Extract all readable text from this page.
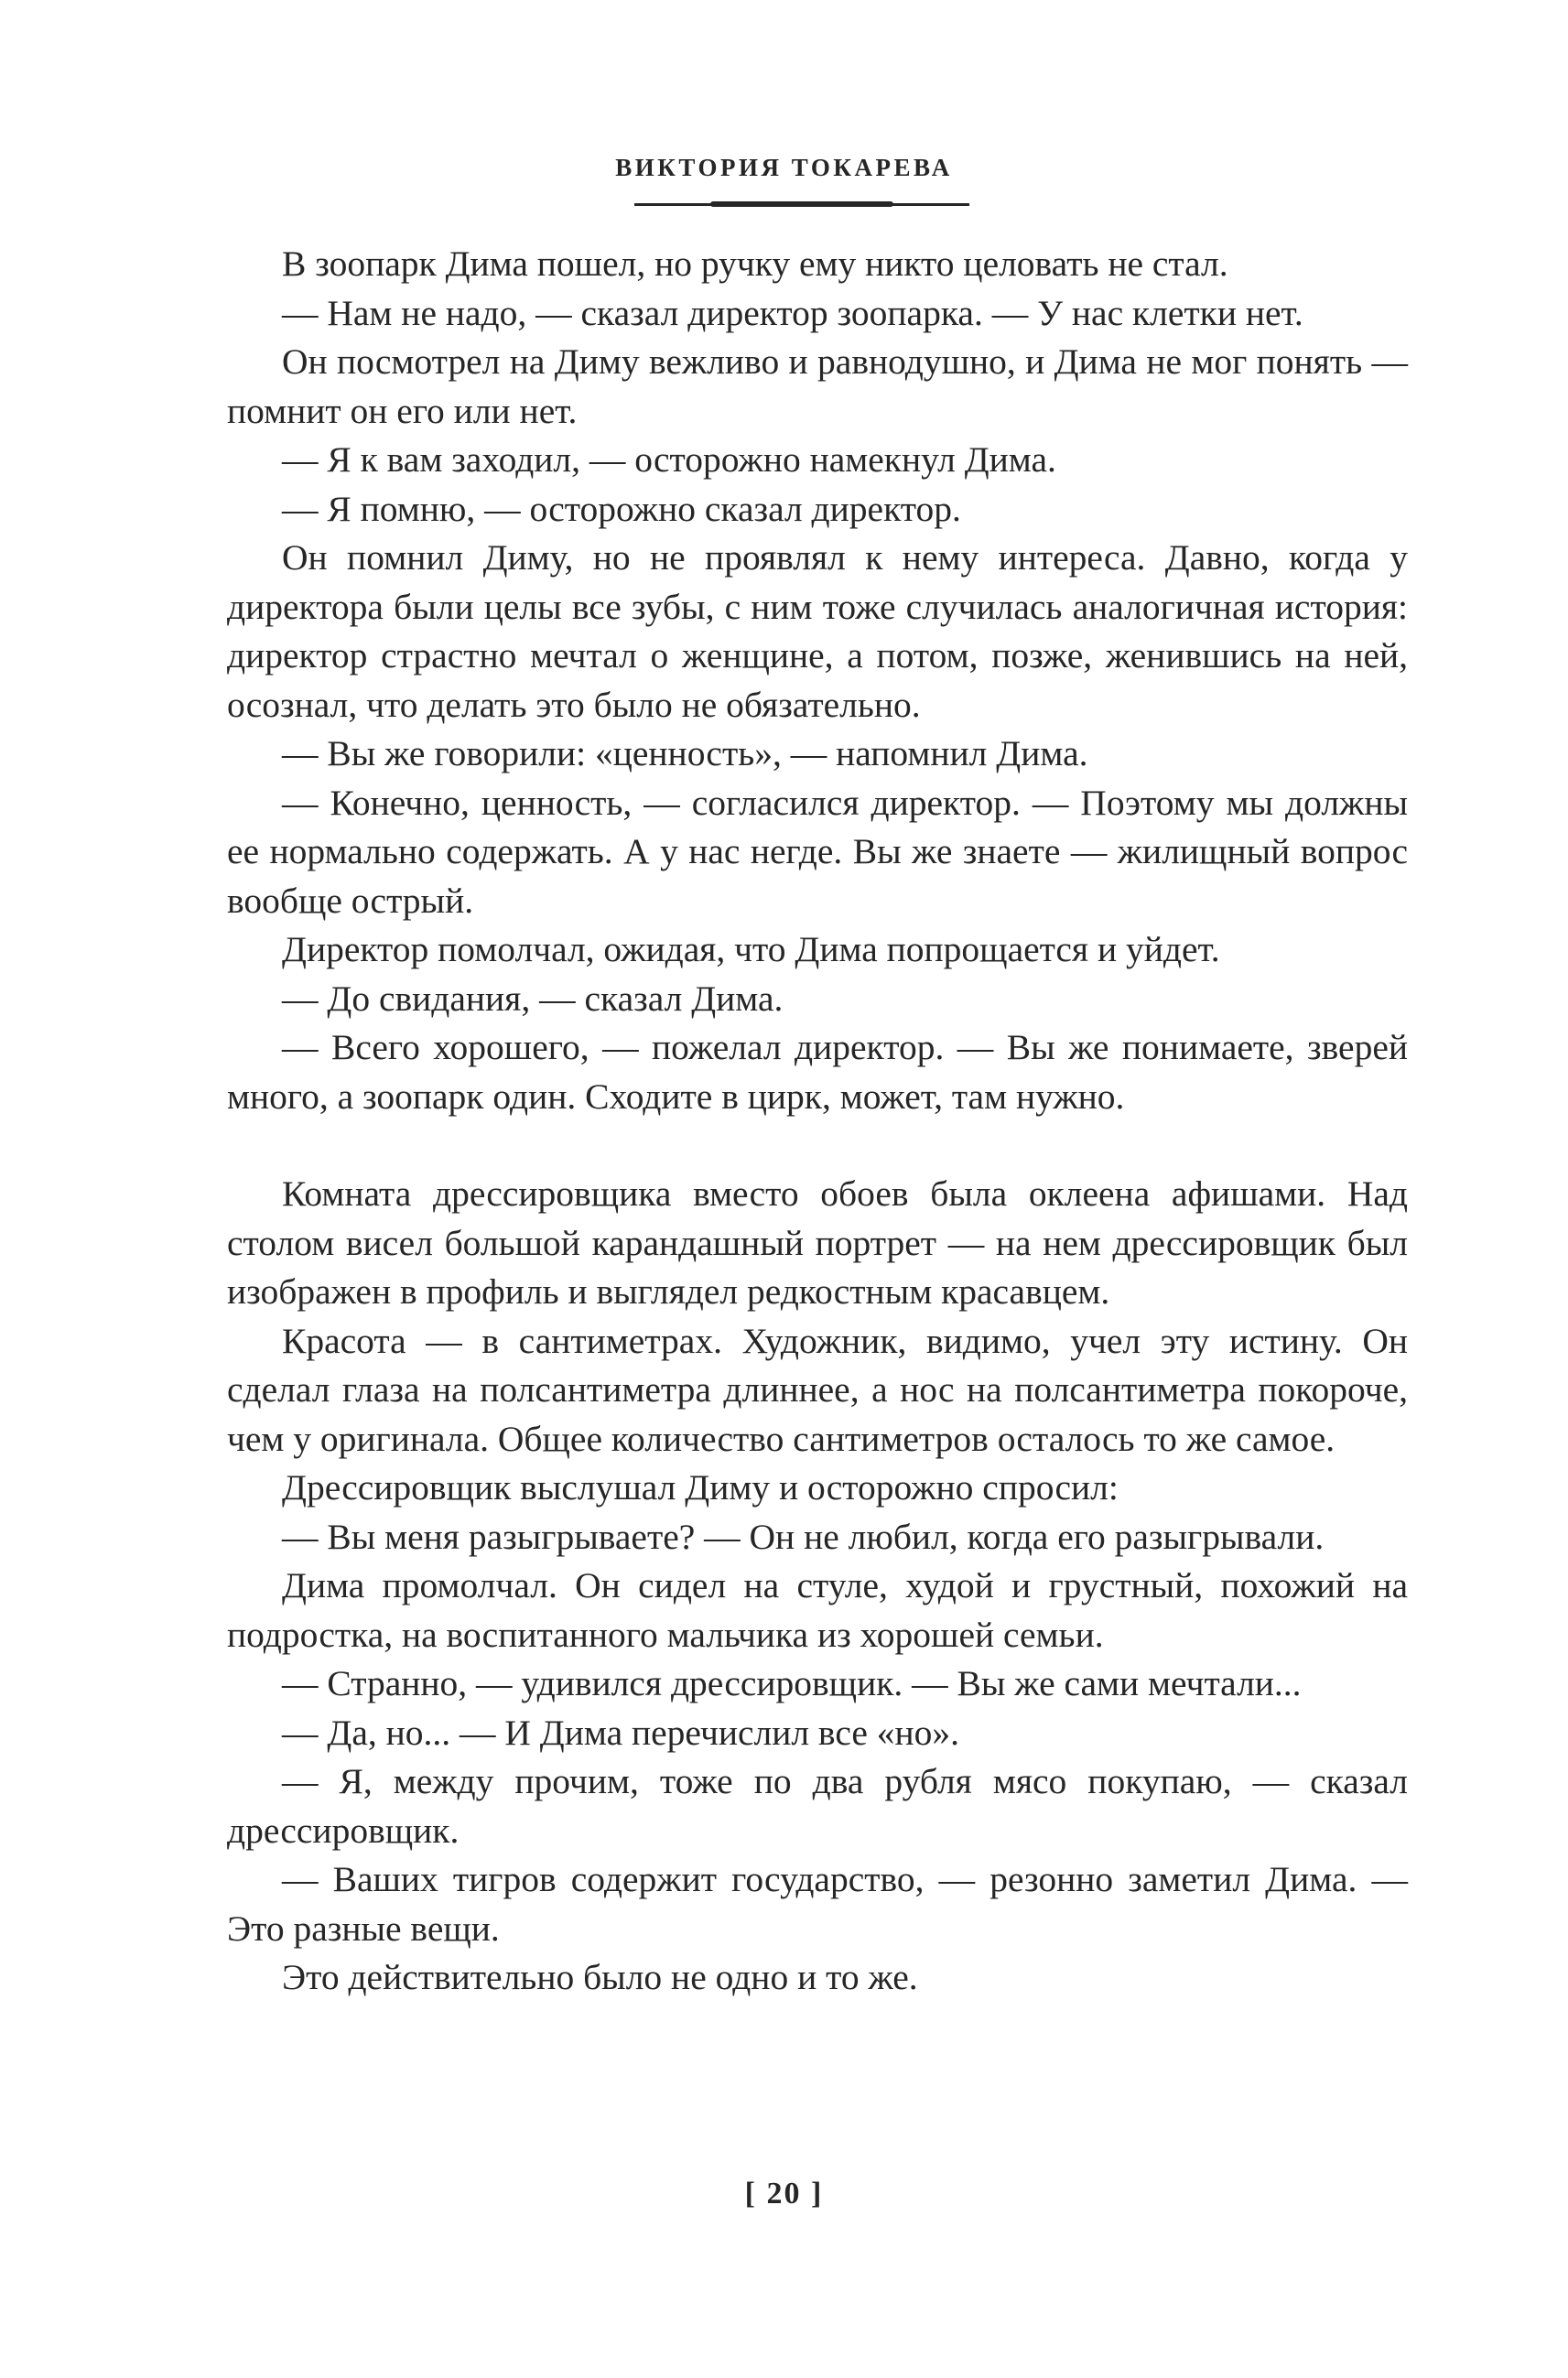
ВИКТОРИЯ ТОКАРЕВА

В зоопарк Дима пошел, но ручку ему никто целовать не стал.

— Нам не надо, — сказал директор зоопарка. — У нас клетки нет.

Он посмотрел на Диму вежливо и равнодушно, и Дима не мог понять — помнит он его или нет.

— Я к вам заходил, — осторожно намекнул Дима.

— Я помню, — осторожно сказал директор.

Он помнил Диму, но не проявлял к нему интереса. Давно, когда у директора были целы все зубы, с ним тоже случилась аналогичная история: директор страстно мечтал о женщине, а потом, позже, женившись на ней, осознал, что делать это было не обязательно.

— Вы же говорили: «ценность», — напомнил Дима.

— Конечно, ценность, — согласился директор. — Поэтому мы должны ее нормально содержать. А у нас негде. Вы же знаете — жилищный вопрос вообще острый.

Директор помолчал, ожидая, что Дима попрощается и уйдет.

— До свидания, — сказал Дима.

— Всего хорошего, — пожелал директор. — Вы же понимаете, зверей много, а зоопарк один. Сходите в цирк, может, там нужно.

Комната дрессировщика вместо обоев была оклеена афишами. Над столом висел большой карандашный портрет — на нем дрессировщик был изображен в профиль и выглядел редкостным красавцем.

Красота — в сантиметрах. Художник, видимо, учел эту истину. Он сделал глаза на полсантиметра длиннее, а нос на полсантиметра покороче, чем у оригинала. Общее количество сантиметров осталось то же самое.

Дрессировщик выслушал Диму и осторожно спросил:

— Вы меня разыгрываете? — Он не любил, когда его разыгрывали.

Дима промолчал. Он сидел на стуле, худой и грустный, похожий на подростка, на воспитанного мальчика из хорошей семьи.

— Странно, — удивился дрессировщик. — Вы же сами мечтали...

— Да, но... — И Дима перечислил все «но».

— Я, между прочим, тоже по два рубля мясо покупаю, — сказал дрессировщик.

— Ваших тигров содержит государство, — резонно заметил Дима. — Это разные вещи.

Это действительно было не одно и то же.

[ 20 ]
